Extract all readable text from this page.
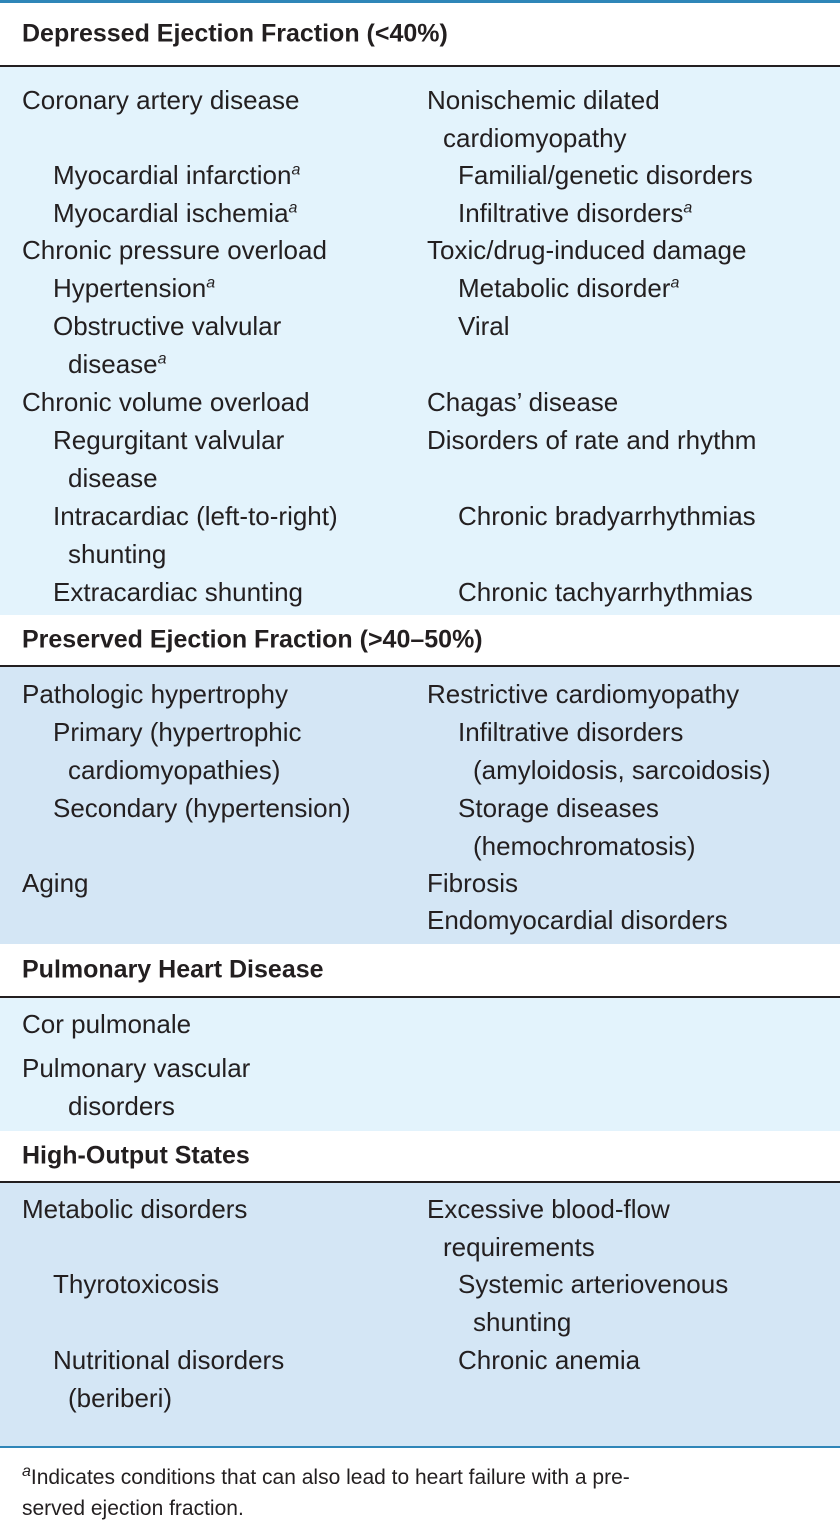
Depressed Ejection Fraction (<40%)
Coronary artery disease
Myocardial infarction$^a$
Myocardial ischemia$^a$
Chronic pressure overload
Hypertension$^a$
Obstructive valvular
disease$^a$
Chronic volume overload
Regurgitant valvular
disease
Intracardiac (left-to-right)
shunting
Extracardiac shunting
Nonischemic dilated
cardiomyopathy
Familial/genetic disorders
Infiltrative disorders$^a$
Toxic/drug-induced damage
Metabolic disorder$^a$
Viral
Chagas’ disease
Disorders of rate and rhythm
Chronic bradyarrhythmias
Chronic tachyarrhythmias
Preserved Ejection Fraction (>40–50%)
Pathologic hypertrophy
Primary (hypertrophic
cardiomyopathies)
Secondary (hypertension)
Aging
Restrictive cardiomyopathy
Infiltrative disorders
(amyloidosis, sarcoidosis)
Storage diseases
(hemochromatosis)
Fibrosis
Endomyocardial disorders
Pulmonary Heart Disease
Cor pulmonale
Pulmonary vascular
disorders
High-Output States
Metabolic disorders
Thyrotoxicosis
Nutritional disorders
(beriberi)
Excessive blood-flow
requirements
Systemic arteriovenous
shunting
Chronic anemia

$^a$Indicates conditions that can also lead to heart failure with a pre-

served ejection fraction.
